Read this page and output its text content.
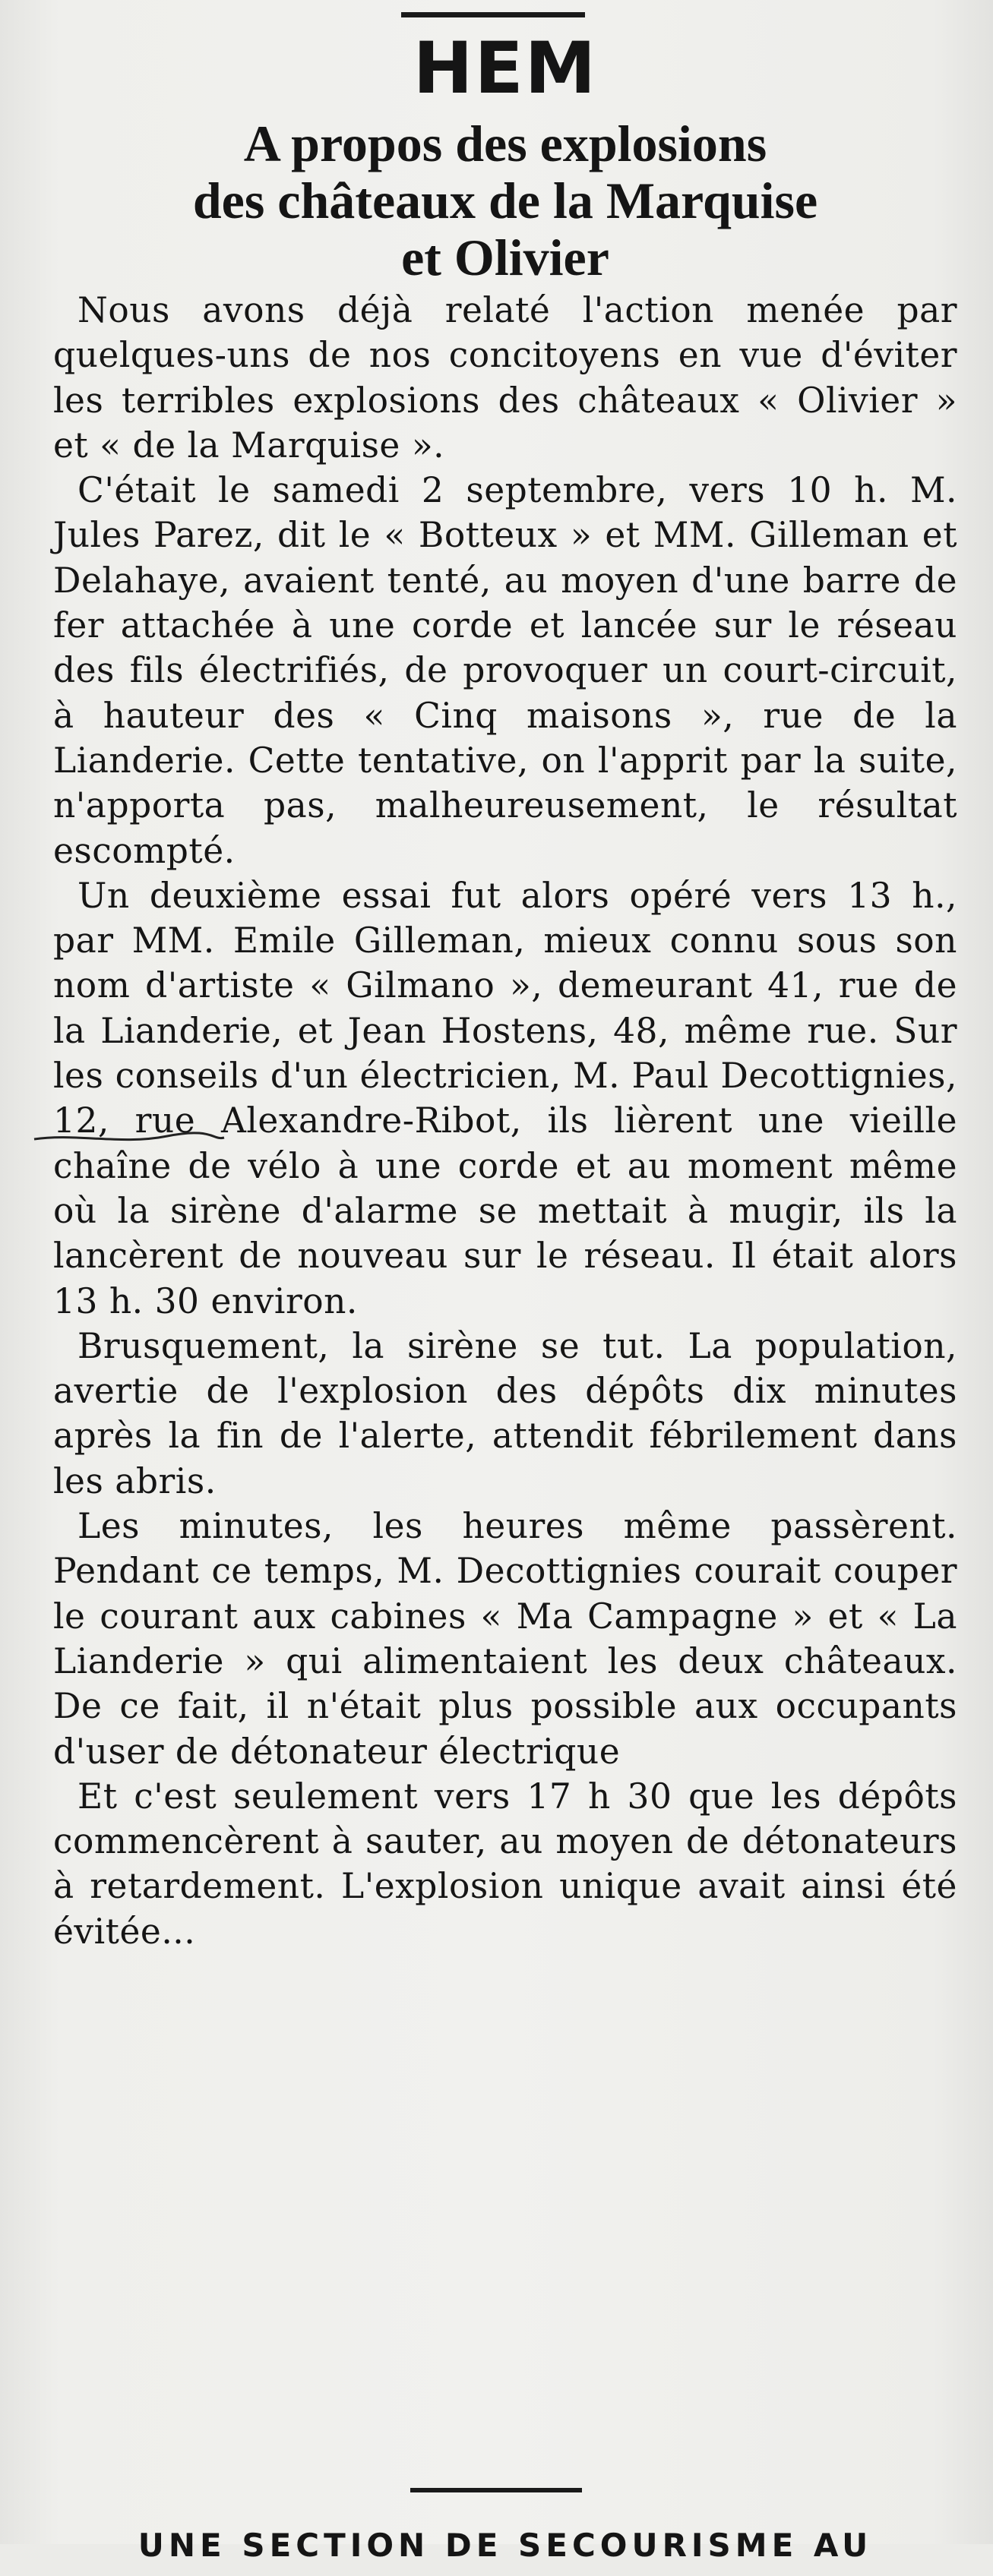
HEM
A propos des explosions
des châteaux de la Marquise
et Olivier

Nous avons déjà relaté l'action menée par quelques-uns de nos concitoyens en vue d'éviter les terribles explosions des châteaux « Olivier » et « de la Marquise ».

C'était le samedi 2 septembre, vers 10 h. M. Jules Parez, dit le « Botteux » et MM. Gilleman et Delahaye, avaient tenté, au moyen d'une barre de fer attachée à une corde et lancée sur le réseau des fils électrifiés, de provoquer un court-circuit, à hauteur des « Cinq maisons », rue de la Lianderie. Cette tentative, on l'apprit par la suite, n'apporta pas, malheureusement, le résultat escompté.

Un deuxième essai fut alors opéré vers 13 h., par MM. Emile Gilleman, mieux connu sous son nom d'artiste « Gilmano », demeurant 41, rue de la Lianderie, et Jean Hostens, 48, même rue. Sur les conseils d'un électricien, M. Paul Decottignies, 12, rue Alexandre-Ribot, ils lièrent une vieille chaîne de vélo à une corde et au moment même où la sirène d'alarme se mettait à mugir, ils la lancèrent de nouveau sur le réseau. Il était alors 13 h. 30 environ.

Brusquement, la sirène se tut. La population, avertie de l'explosion des dépôts dix minutes après la fin de l'alerte, attendit fébrilement dans les abris.

Les minutes, les heures même passèrent. Pendant ce temps, M. Decottignies courait couper le courant aux cabines « Ma Campagne » et « La Lianderie » qui alimentaient les deux châteaux. De ce fait, il n'était plus possible aux occupants d'user de détonateur électrique

Et c'est seulement vers 17 h 30 que les dépôts commencèrent à sauter, au moyen de détonateurs à retardement. L'explosion unique avait ainsi été évitée...

UNE SECTION DE SECOURISME AU
